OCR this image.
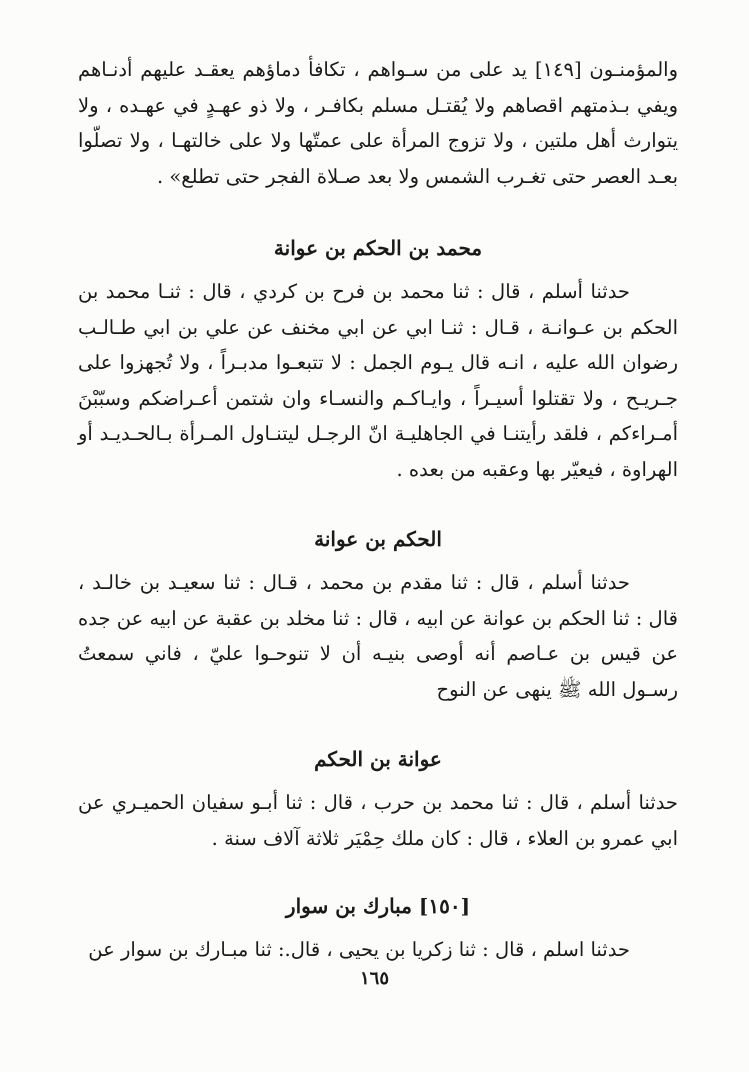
والمؤمنـون [١٤٩] يد على من سـواهم ، تكافأ دماؤهم يعقـد عليهم أدنـاهم ويفي بـذمتهم اقصاهم ولا يُقتـل مسلم بكافـر ، ولا ذو عهـدٍ في عهـده ، ولا يتوارث أهل ملتين ، ولا تزوج المرأة على عمتّها ولا على خالتهـا ، ولا تصلّوا بعـد العصر حتى تغـرب الشمس ولا بعد صـلاة الفجر حتى تطلع» .

محمد بن الحكم بن عوانة

حدثنا أسلم ، قال : ثنا محمد بن فرح بن كردي ، قال : ثنـا محمد بن الحكم بن عـوانـة ، قـال : ثنـا ابي عن ابي مخنف عن علي بن ابي طـالـب رضوان الله عليه ، انـه قال يـوم الجمل : لا تتبعـوا مدبـراً ، ولا تُجهزوا على جـريـح ، ولا تقتلوا أسيـراً ، وايـاكـم والنسـاء وان شتمن أعـراضكم وسبّبْنَ أمـراءكم ، فلقد رأيتنـا في الجاهليـة انّ الرجـل ليتنـاول المـرأة بـالحـديـد أو الهراوة ، فيعيّر بها وعقبه من بعده .

الحكم بن عوانة

حدثنا أسلم ، قال : ثنا مقدم بن محمد ، قـال : ثنا سعيـد بن خالـد ، قال : ثنا الحكم بن عوانة عن ابيه ، قال : ثنا مخلد بن عقبة عن ابيه عن جده عن قيس بن عـاصم أنه أوصى بنيـه أن لا تنوحـوا عليّ ، فاني سمعتُ رسـول الله ﷺ ينهى عن النوح

عوانة بن الحكم

حدثنا أسلم ، قال : ثنا محمد بن حرب ، قال : ثنا أبـو سفيان الحميـري عن ابي عمرو بن العلاء ، قال : كان ملك حِمْيَر ثلاثة آلاف سنة .

[١٥٠] مبارك بن سوار

حدثنا اسلم ، قال : ثنا زكريا بن يحيى ، قال.: ثنا مبـارك بن سوار عن

١٦٥
